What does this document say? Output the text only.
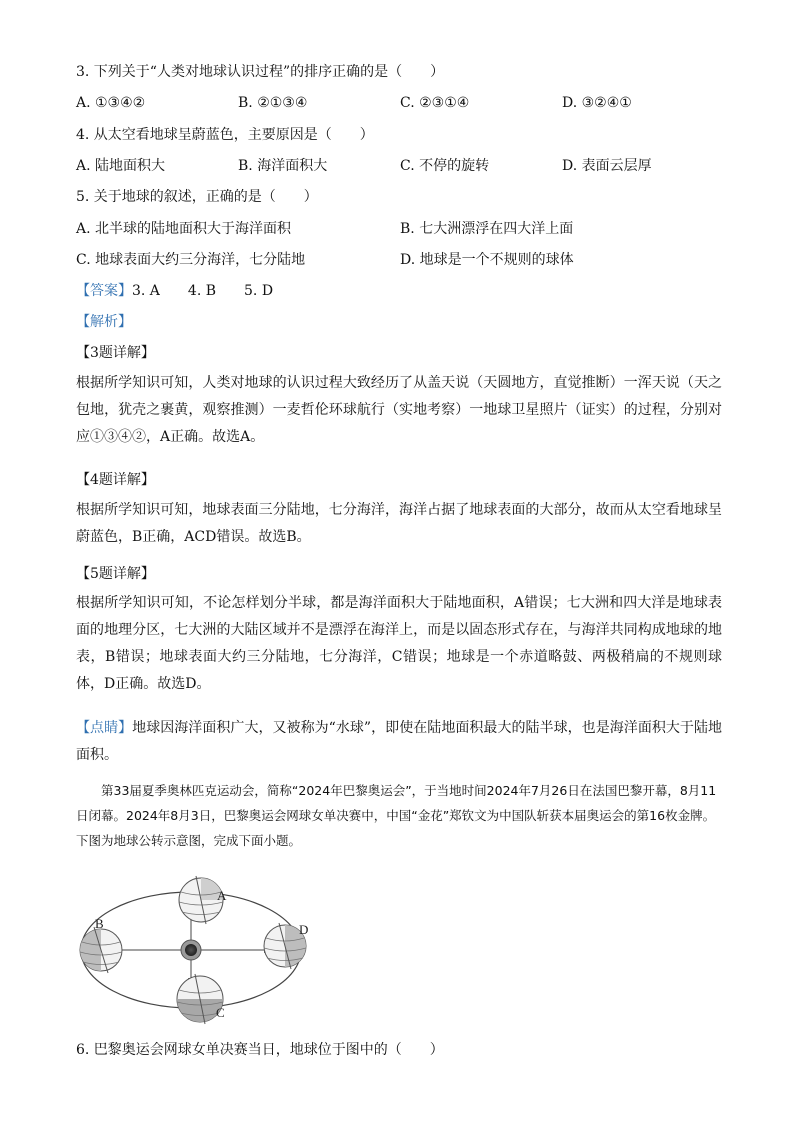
3. 下列关于“人类对地球认识过程”的排序正确的是（　　）
A. ①③④②	B. ②①③④	C. ②③①④	D. ③②④①
4. 从太空看地球呈蔚蓝色，主要原因是（　　）
A. 陆地面积大	B. 海洋面积大	C. 不停的旋转	D. 表面云层厚
5. 关于地球的叙述，正确的是（　　）
A. 北半球的陆地面积大于海洋面积	B. 七大洲漂浮在四大洋上面
C. 地球表面大约三分海洋，七分陆地	D. 地球是一个不规则的球体
【答案】3. A　　4. B　　5. D
【解析】
【3题详解】
根据所学知识可知，人类对地球的认识过程大致经历了从盖天说（天圆地方，直觉推断）一浑天说（天之包地，犹壳之裹黄，观察推测）一麦哲伦环球航行（实地考察）一地球卫星照片（证实）的过程，分别对应①③④②，A正确。故选A。
【4题详解】
根据所学知识可知，地球表面三分陆地，七分海洋，海洋占据了地球表面的大部分，故而从太空看地球呈蔚蓝色，B正确，ACD错误。故选B。
【5题详解】
根据所学知识可知，不论怎样划分半球，都是海洋面积大于陆地面积，A错误；七大洲和四大洋是地球表面的地理分区，七大洲的大陆区域并不是漂浮在海洋上，而是以固态形式存在，与海洋共同构成地球的地表，B错误；地球表面大约三分陆地，七分海洋，C错误；地球是一个赤道略鼓、两极稍扁的不规则球体，D正确。故选D。
【点睛】地球因海洋面积广大，又被称为“水球”，即使在陆地面积最大的陆半球，也是海洋面积大于陆地面积。
第33届夏季奥林匹克运动会，简称“2024年巴黎奥运会”，于当地时间2024年7月26日在法国巴黎开幕，8月11日闭幕。2024年8月3日，巴黎奥运会网球女单决赛中，中国“金花”郑钦文为中国队斩获本届奥运会的第16枚金牌。下图为地球公转示意图，完成下面小题。
A
B	D
C
6. 巴黎奥运会网球女单决赛当日，地球位于图中的（　　）
